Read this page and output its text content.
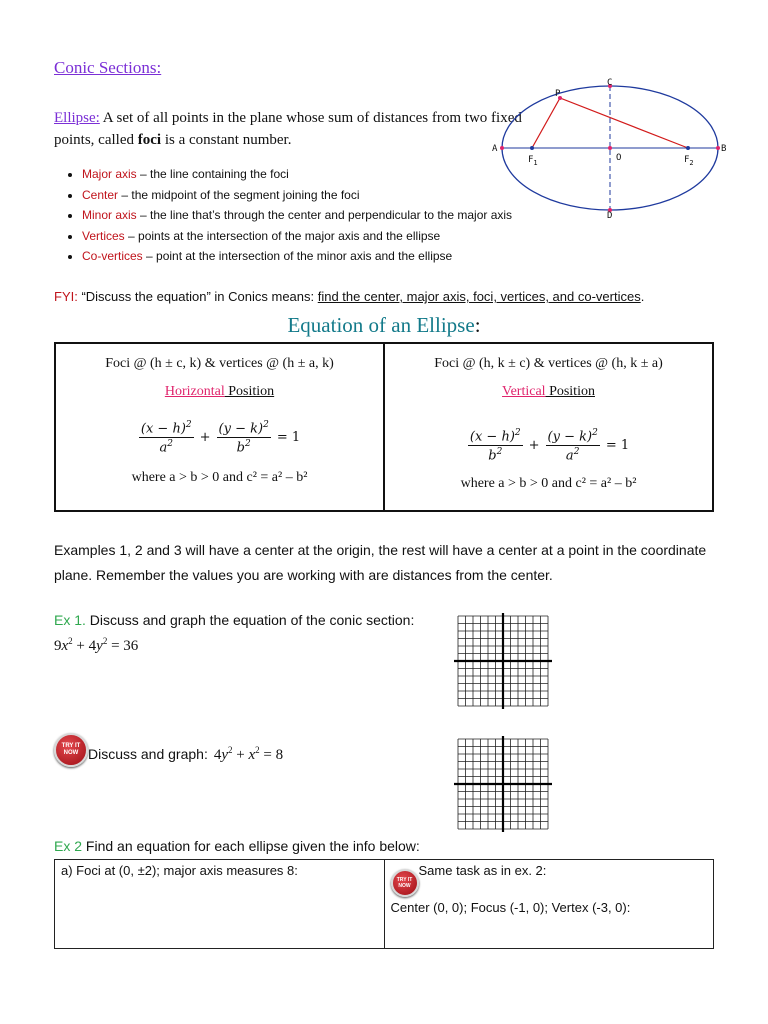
Conic Sections:
Ellipse: A set of all points in the plane whose sum of distances from two fixed points, called foci is a constant number.
A	B
C
D
O
P
$F_1$	$F_2$
• Major axis – the line containing the foci
• Center – the midpoint of the segment joining the foci
• Minor axis – the line that’s through the center and perpendicular to the major axis
• Vertices – points at the intersection of the major axis and the ellipse
• Co-vertices – point at the intersection of the minor axis and the ellipse
FYI: “Discuss the equation” in Conics means: find the center, major axis, foci, vertices, and co-vertices.
Equation of an Ellipse:
Foci @ (h ± c, k) & vertices @ (h ± a, k)
Horizontal Position
$\frac{(x - h)^2}{a^2} + \frac{(y - k)^2}{b^2} = 1$
where a > b > 0 and c² = a² – b²

Foci @ (h, k ± c) & vertices @ (h, k ± a)
Vertical Position
$\frac{(x - h)^2}{b^2} + \frac{(y - k)^2}{a^2} = 1$
where a > b > 0 and c² = a² – b²
Examples 1, 2 and 3 will have a center at the origin, the rest will have a center at a point in the coordinate plane. Remember the values you are working with are distances from the center.
Ex 1. Discuss and graph the equation of the conic section:
$9x^2 + 4y^2 = 36$
TRY IT
NOW Discuss and graph: $4y^2 + x^2 = 8$
Ex 2 Find an equation for each ellipse given the info below:
a) Foci at (0, ±2); major axis measures 8:	
TRY IT
NOW
Same task as in ex. 2:
Center (0, 0); Focus (-1, 0); Vertex (-3, 0):
